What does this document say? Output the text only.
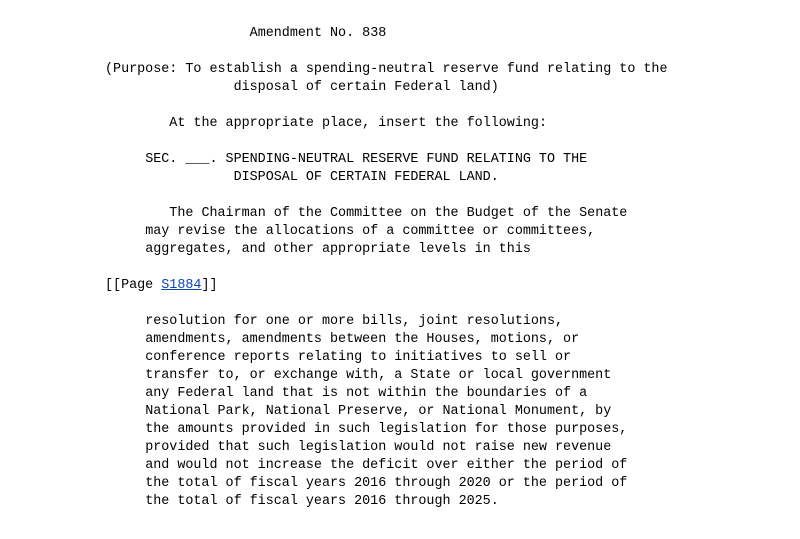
Amendment No. 838

(Purpose: To establish a spending-neutral reserve fund relating to the
disposal of certain Federal land)

At the appropriate place, insert the following:

SEC. ___. SPENDING-NEUTRAL RESERVE FUND RELATING TO THE
DISPOSAL OF CERTAIN FEDERAL LAND.

The Chairman of the Committee on the Budget of the Senate
may revise the allocations of a committee or committees,
aggregates, and other appropriate levels in this

[[Page S1884]]

resolution for one or more bills, joint resolutions,
amendments, amendments between the Houses, motions, or
conference reports relating to initiatives to sell or
transfer to, or exchange with, a State or local government
any Federal land that is not within the boundaries of a
National Park, National Preserve, or National Monument, by
the amounts provided in such legislation for those purposes,
provided that such legislation would not raise new revenue
and would not increase the deficit over either the period of
the total of fiscal years 2016 through 2020 or the period of
the total of fiscal years 2016 through 2025.
